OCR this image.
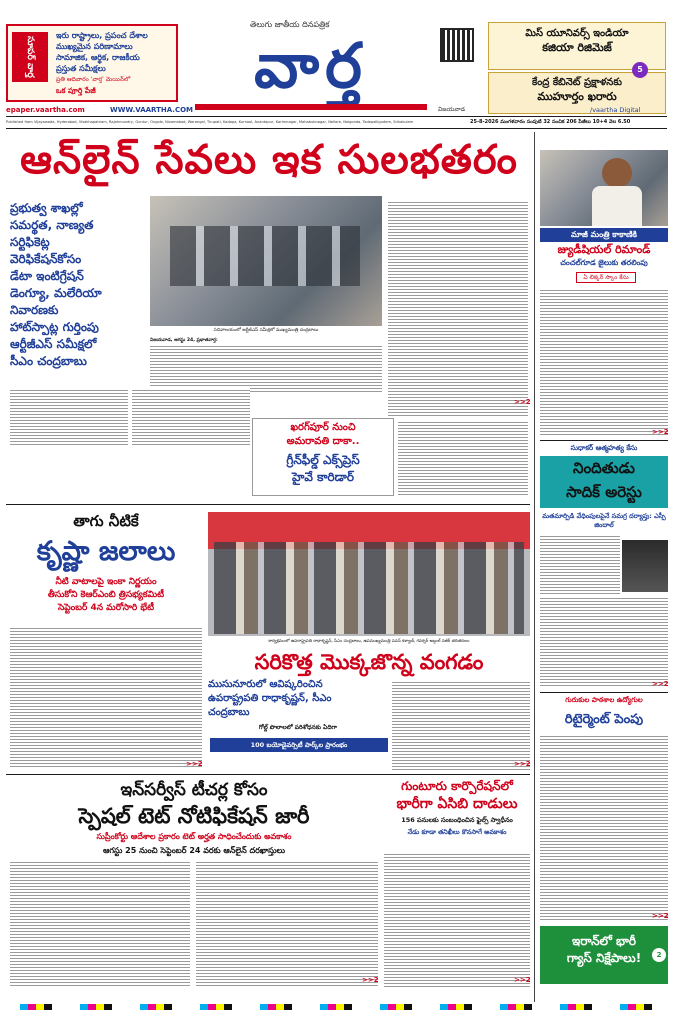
సూపర్ వార్త
ఇరు రాష్ట్రాలు, ప్రపంచ దేశాల
ముఖ్యమైన పరిణామాలు
సామాజిక, ఆర్థిక, రాజకీయ
ప్రస్తుత సమీక్షలు
ప్రతి ఆదివారం 'వార్త' మెయిన్‌లో
ఒక పూర్తి పేజీ
తెలుగు జాతీయ దినపత్రిక
వార్త	మిస్ యూనివర్స్ ఇండియా
కజియా రిజిమెజ్
కేంద్ర కేబినెట్ ప్రక్షాళనకు
ముహూర్తం ఖరారు
5
epaper.vaartha.com	WWW.VAARTHA.COM	విజయవాడ	/vaartha Digital
Published from Vijayawada, Hyderabad, Visakhapatnam, Rajahmundry, Guntur, Ongole, Nizamabad, Warangal, Tirupati, Kadapa, Kurnool, Anantapur, Karimnagar, Mahabubnagar, Nellore, Nalgonda, Tadepalligudem, Srikakulam	25-8-2026 మంగళవారం సంపుటి 32 సంచిక 206 పేజీలు 10+4 వెల 6.50
ఆన్‌లైన్ సేవలు ఇక సులభతరం
ప్రభుత్వ శాఖల్లో
సమర్థత, నాణ్యత
సర్టిఫికెట్ల
వెరిఫికేషన్‌కోసం
డేటా ఇంటిగ్రేషన్
డెంగ్యూ, మలేరియా
నివారణకు
హాట్‌స్పాట్ల గుర్తింపు
ఆర్టీజీఎస్ సమీక్షలో
సీఎం చంద్రబాబు
సచివాలయంలో ఆర్టీజీఎస్ సమీక్షలో ముఖ్యమంత్రి చంద్రబాబు
విజయవాడ, ఆగస్టు 24, ప్రభాతవార్త:
>>2
ఖరగ్‌పూర్ నుంచి
అమరావతి దాకా..
గ్రీన్‌ఫీల్డ్ ఎక్స్‌ప్రెస్
హైవే కారిడార్
తాగు నీటికే
కృష్ణా జలాలు
నీటి వాటాలపై ఇంకా నిర్ణయం
తీసుకోని కెఆర్‌ఎంబి త్రిసభ్యకమిటీ
సెప్టెంబర్ 4న మరోసారి భేటీ
>>2
కార్యక్రమంలో ఉపరాష్ట్రపతి రాధాకృష్ణన్, సీఎం చంద్రబాబు, ఉపముఖ్యమంత్రి పవన్ కళ్యాణ్, గవర్నర్ అబ్దుల్ నజీర్ తదితరులు
సరికొత్త మొక్కజొన్న వంగడం
ముసునూరులో ఆవిష్కరించిన
ఉపరాష్ట్రపతి రాధాకృష్ణన్, సీఎం
చంద్రబాబు
గోల్డ్ పొలాలలో పరిశోధనకు ఏదిగా
100 బయోడైవర్సిటీ పార్క్‌ల ప్రారంభం
>>2
ఇన్‌సర్వీస్ టీచర్ల కోసం
స్పెషల్ టెట్ నోటిఫికేషన్ జారీ
సుప్రీంకోర్టు ఆదేశాల ప్రకారం టెట్ అర్హత సాధించేందుకు అవకాశం
ఆగస్టు 25 నుంచి సెప్టెంబర్ 24 వరకు ఆన్‌లైన్ దరఖాస్తులు
>>2
గుంటూరు కార్పొరేషన్‌లో
భారీగా ఏసిబి దాడులు
156 పనులకు సంబంధించిన ఫైల్స్ స్వాధీనం
నేడు కూడా తనిఖీలు కొనసాగే అవకాశం
>>2
మాజీ మంత్రి కాకాణికి
జ్యుడీషియల్ రిమాండ్
చంచల్‌గూడ జైలుకు తరలింపు
ఏ లిక్కర్ స్కాం కేసు
>>2
సుధాకర్ ఆత్మహత్య కేసు
నిందితుడు
సాదిక్ అరెస్టు
మతమార్పిడి వేధింపులపైనే సమగ్ర దర్యాప్తు: ఎస్పీ జిందాల్
>>2
గురుకుల పాఠశాల ఉద్యోగుల
రిటైర్మెంట్ పెంపు
>>2
ఇరాన్‌లో భారీ
గ్యాస్ నిక్షేపాలు!	2
